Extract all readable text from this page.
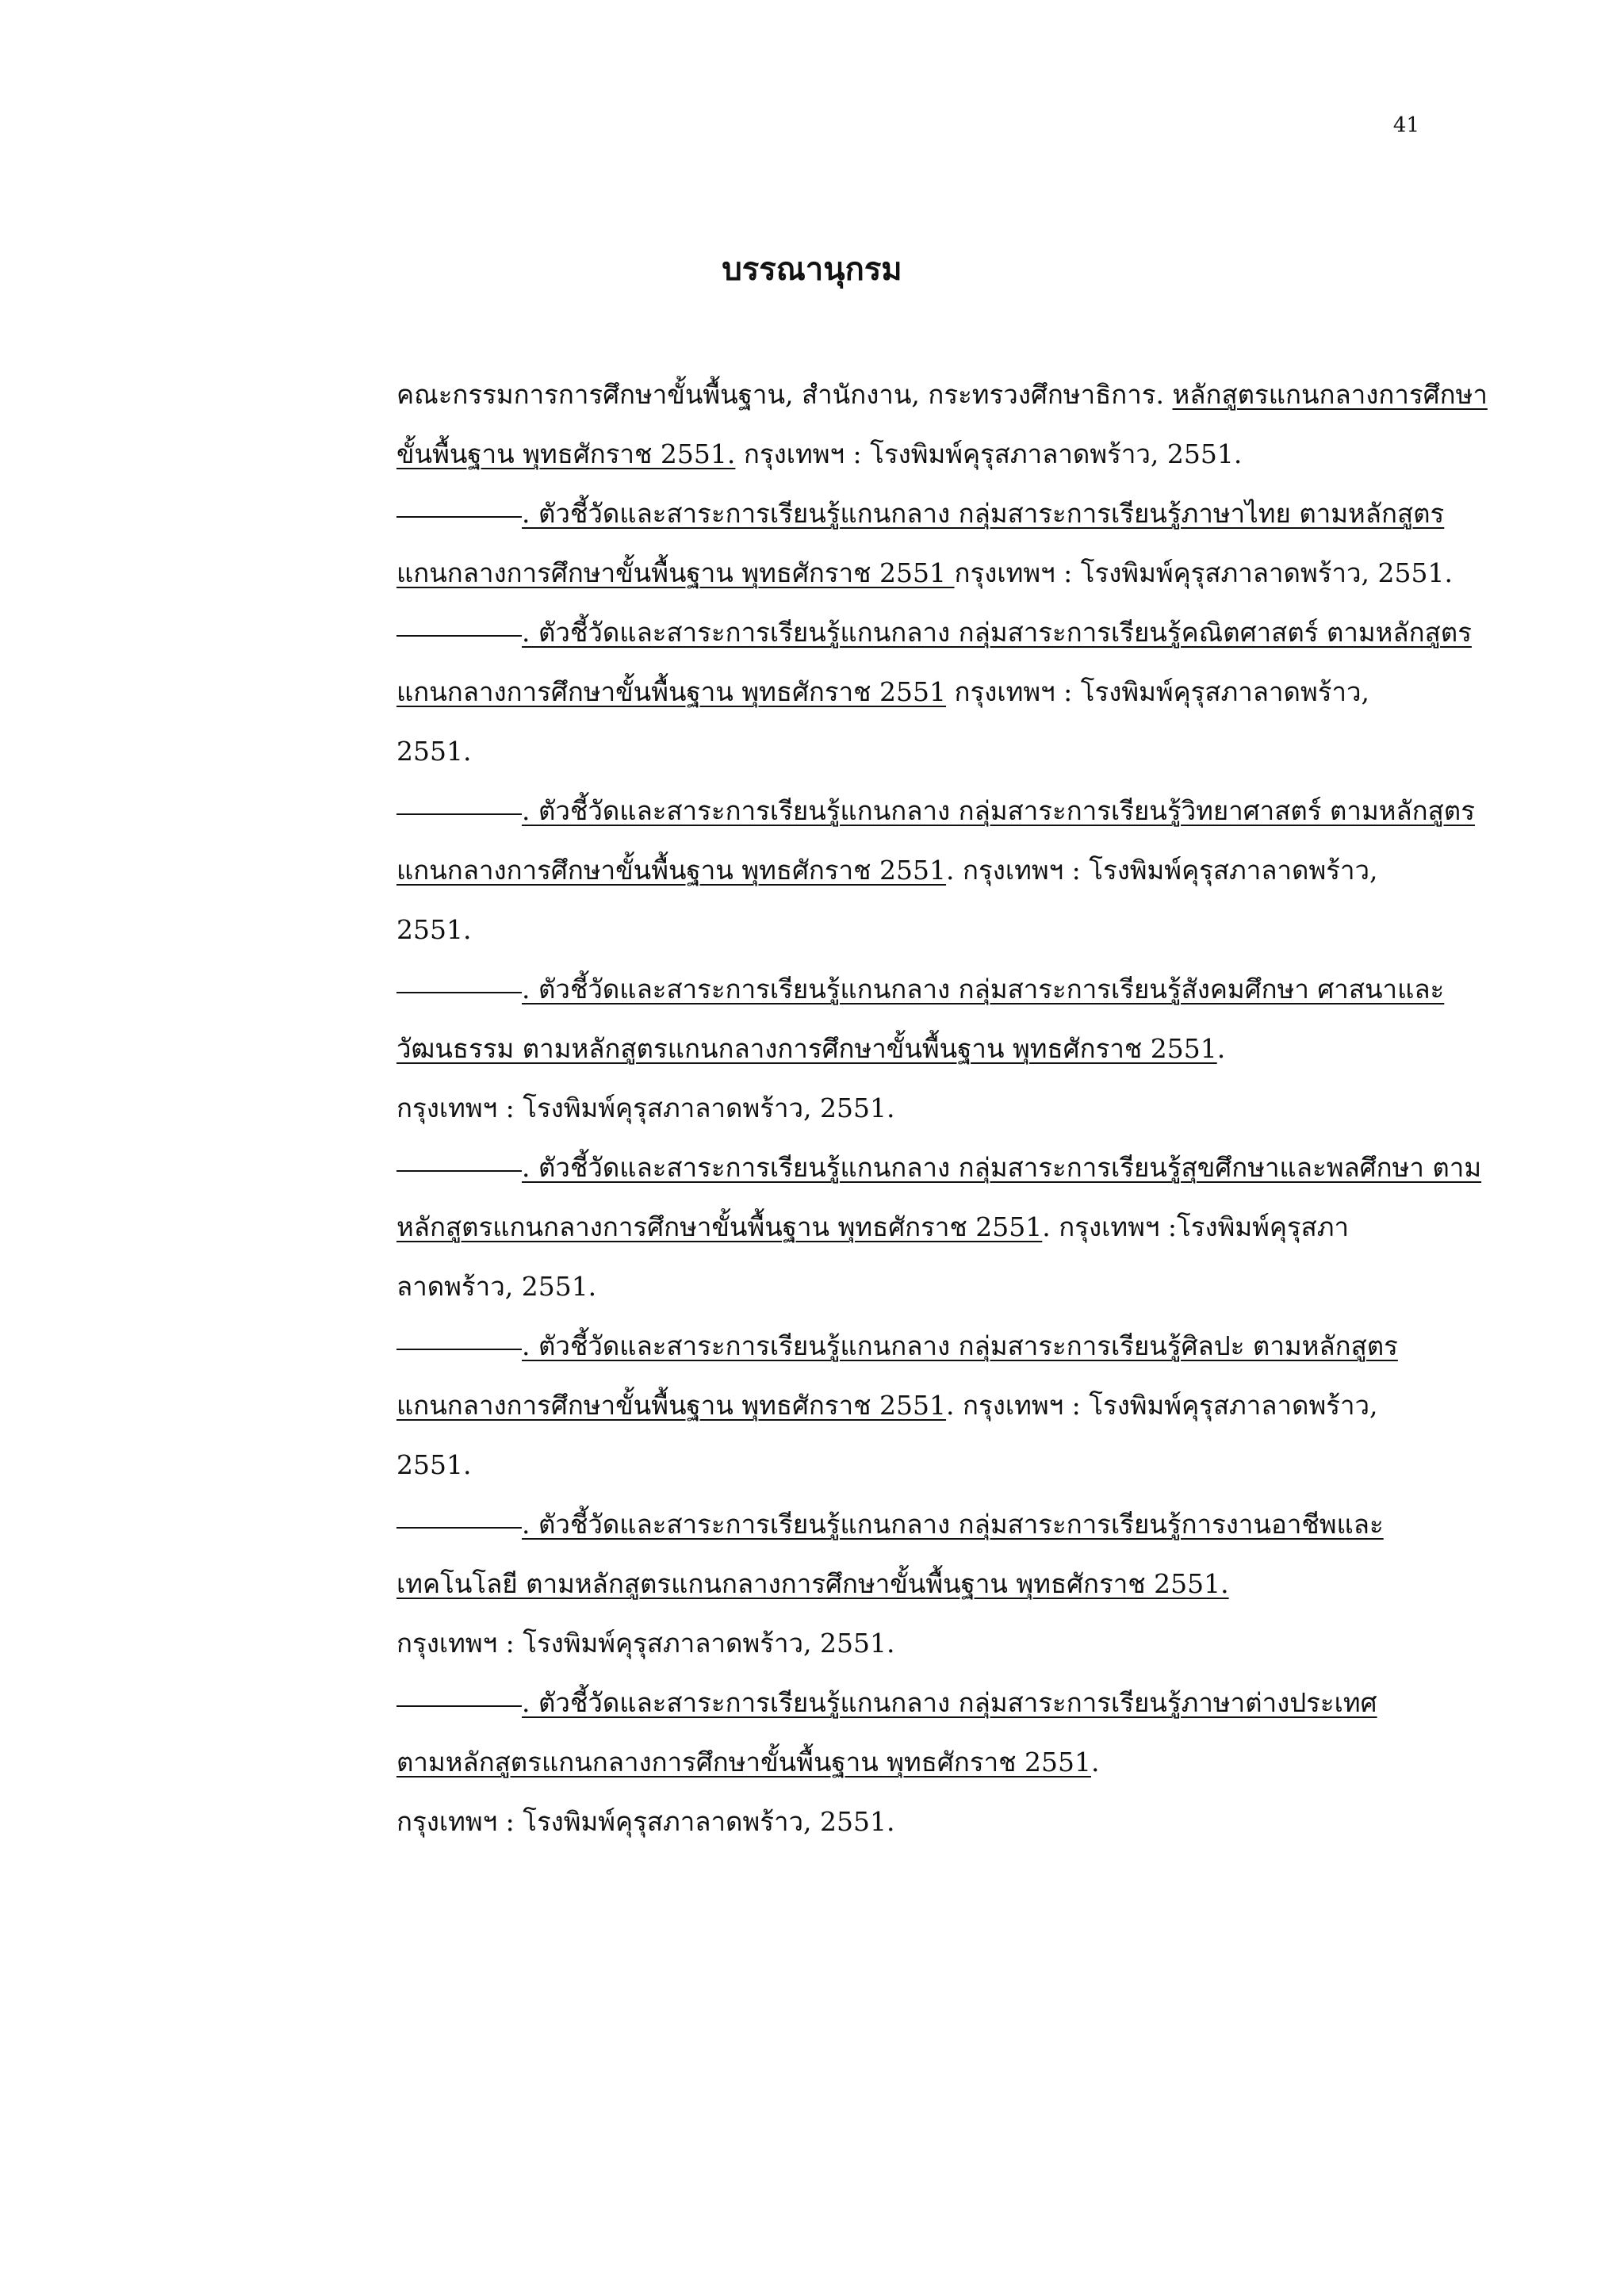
41
บรรณานุกรม
คณะกรรมการการศึกษาขั้นพื้นฐาน, สำนักงาน, กระทรวงศึกษาธิการ. หลักสูตรแกนกลางการศึกษา
ขั้นพื้นฐาน พุทธศักราช 2551. กรุงเทพฯ : โรงพิมพ์คุรุสภาลาดพร้าว, 2551.
. ตัวชี้วัดและสาระการเรียนรู้แกนกลาง กลุ่มสาระการเรียนรู้ภาษาไทย ตามหลักสูตร
แกนกลางการศึกษาขั้นพื้นฐาน พุทธศักราช 2551 กรุงเทพฯ : โรงพิมพ์คุรุสภาลาดพร้าว, 2551.
. ตัวชี้วัดและสาระการเรียนรู้แกนกลาง กลุ่มสาระการเรียนรู้คณิตศาสตร์ ตามหลักสูตร
แกนกลางการศึกษาขั้นพื้นฐาน พุทธศักราช 2551 กรุงเทพฯ : โรงพิมพ์คุรุสภาลาดพร้าว,
2551.
. ตัวชี้วัดและสาระการเรียนรู้แกนกลาง กลุ่มสาระการเรียนรู้วิทยาศาสตร์ ตามหลักสูตร
แกนกลางการศึกษาขั้นพื้นฐาน พุทธศักราช 2551. กรุงเทพฯ : โรงพิมพ์คุรุสภาลาดพร้าว,
2551.
. ตัวชี้วัดและสาระการเรียนรู้แกนกลาง กลุ่มสาระการเรียนรู้สังคมศึกษา ศาสนาและ
วัฒนธรรม ตามหลักสูตรแกนกลางการศึกษาขั้นพื้นฐาน พุทธศักราช 2551.
กรุงเทพฯ : โรงพิมพ์คุรุสภาลาดพร้าว, 2551.
. ตัวชี้วัดและสาระการเรียนรู้แกนกลาง กลุ่มสาระการเรียนรู้สุขศึกษาและพลศึกษา ตาม
หลักสูตรแกนกลางการศึกษาขั้นพื้นฐาน พุทธศักราช 2551. กรุงเทพฯ :โรงพิมพ์คุรุสภา
ลาดพร้าว, 2551.
. ตัวชี้วัดและสาระการเรียนรู้แกนกลาง กลุ่มสาระการเรียนรู้ศิลปะ ตามหลักสูตร
แกนกลางการศึกษาขั้นพื้นฐาน พุทธศักราช 2551. กรุงเทพฯ : โรงพิมพ์คุรุสภาลาดพร้าว,
2551.
. ตัวชี้วัดและสาระการเรียนรู้แกนกลาง กลุ่มสาระการเรียนรู้การงานอาชีพและ
เทคโนโลยี ตามหลักสูตรแกนกลางการศึกษาขั้นพื้นฐาน พุทธศักราช 2551.
กรุงเทพฯ : โรงพิมพ์คุรุสภาลาดพร้าว, 2551.
. ตัวชี้วัดและสาระการเรียนรู้แกนกลาง กลุ่มสาระการเรียนรู้ภาษาต่างประเทศ
ตามหลักสูตรแกนกลางการศึกษาขั้นพื้นฐาน พุทธศักราช 2551.
กรุงเทพฯ : โรงพิมพ์คุรุสภาลาดพร้าว, 2551.
